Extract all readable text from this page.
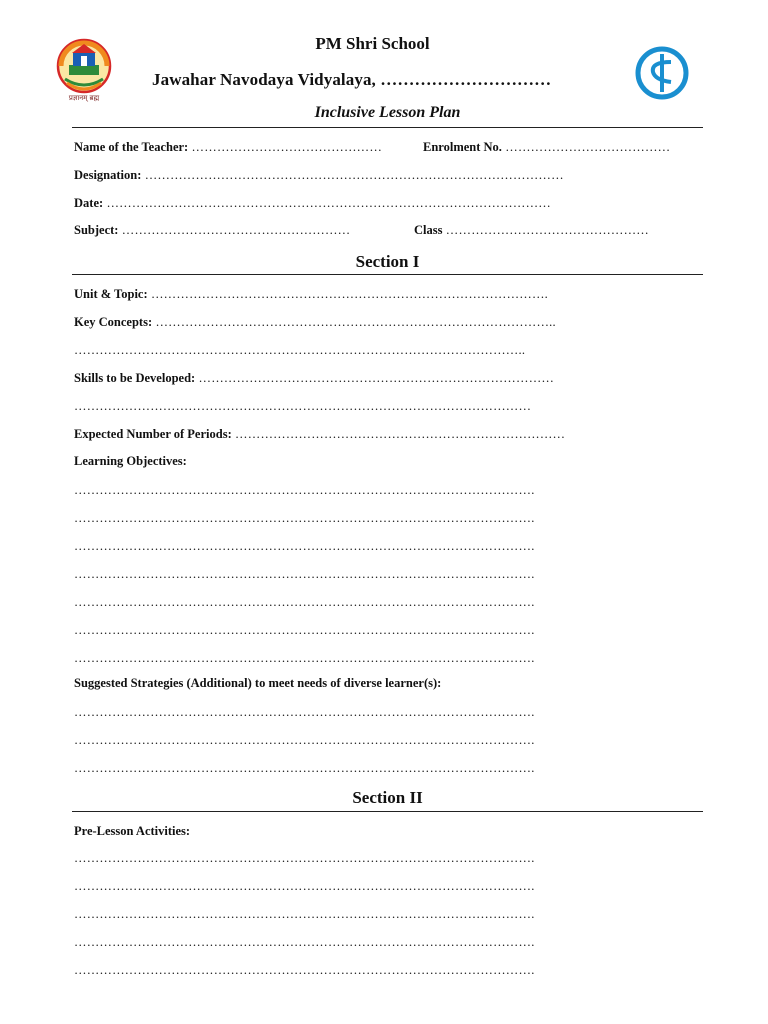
प्रज्ञानम् ब्रह्म
PM Shri School
Jawahar Navodaya Vidyalaya, …………………………
Inclusive Lesson Plan
Name of the Teacher: ………………………………………	Enrolment No. …………………………………
Designation: ………………………………………………………………………………………
Date: ……………………………………………………………………………………………
Subject: ………………………………………………	Class …………………………………………
Section I
Unit & Topic: ………………………………………………………………………………….
Key Concepts: …………………………………………………………………………………..
……………………………………………………………………………………………..
Skills to be Developed: …………………………………………………………………………
………………………………………………………………………………………………
Expected Number of Periods: ……………………………………………………………………
Learning Objectives:
……………………………………………………………………………………………….
……………………………………………………………………………………………….
……………………………………………………………………………………………….
……………………………………………………………………………………………….
……………………………………………………………………………………………….
……………………………………………………………………………………………….
……………………………………………………………………………………………….
Suggested Strategies (Additional) to meet needs of diverse learner(s):
……………………………………………………………………………………………….
……………………………………………………………………………………………….
……………………………………………………………………………………………….
Section II
Pre-Lesson Activities:
……………………………………………………………………………………………….
……………………………………………………………………………………………….
……………………………………………………………………………………………….
……………………………………………………………………………………………….
……………………………………………………………………………………………….
